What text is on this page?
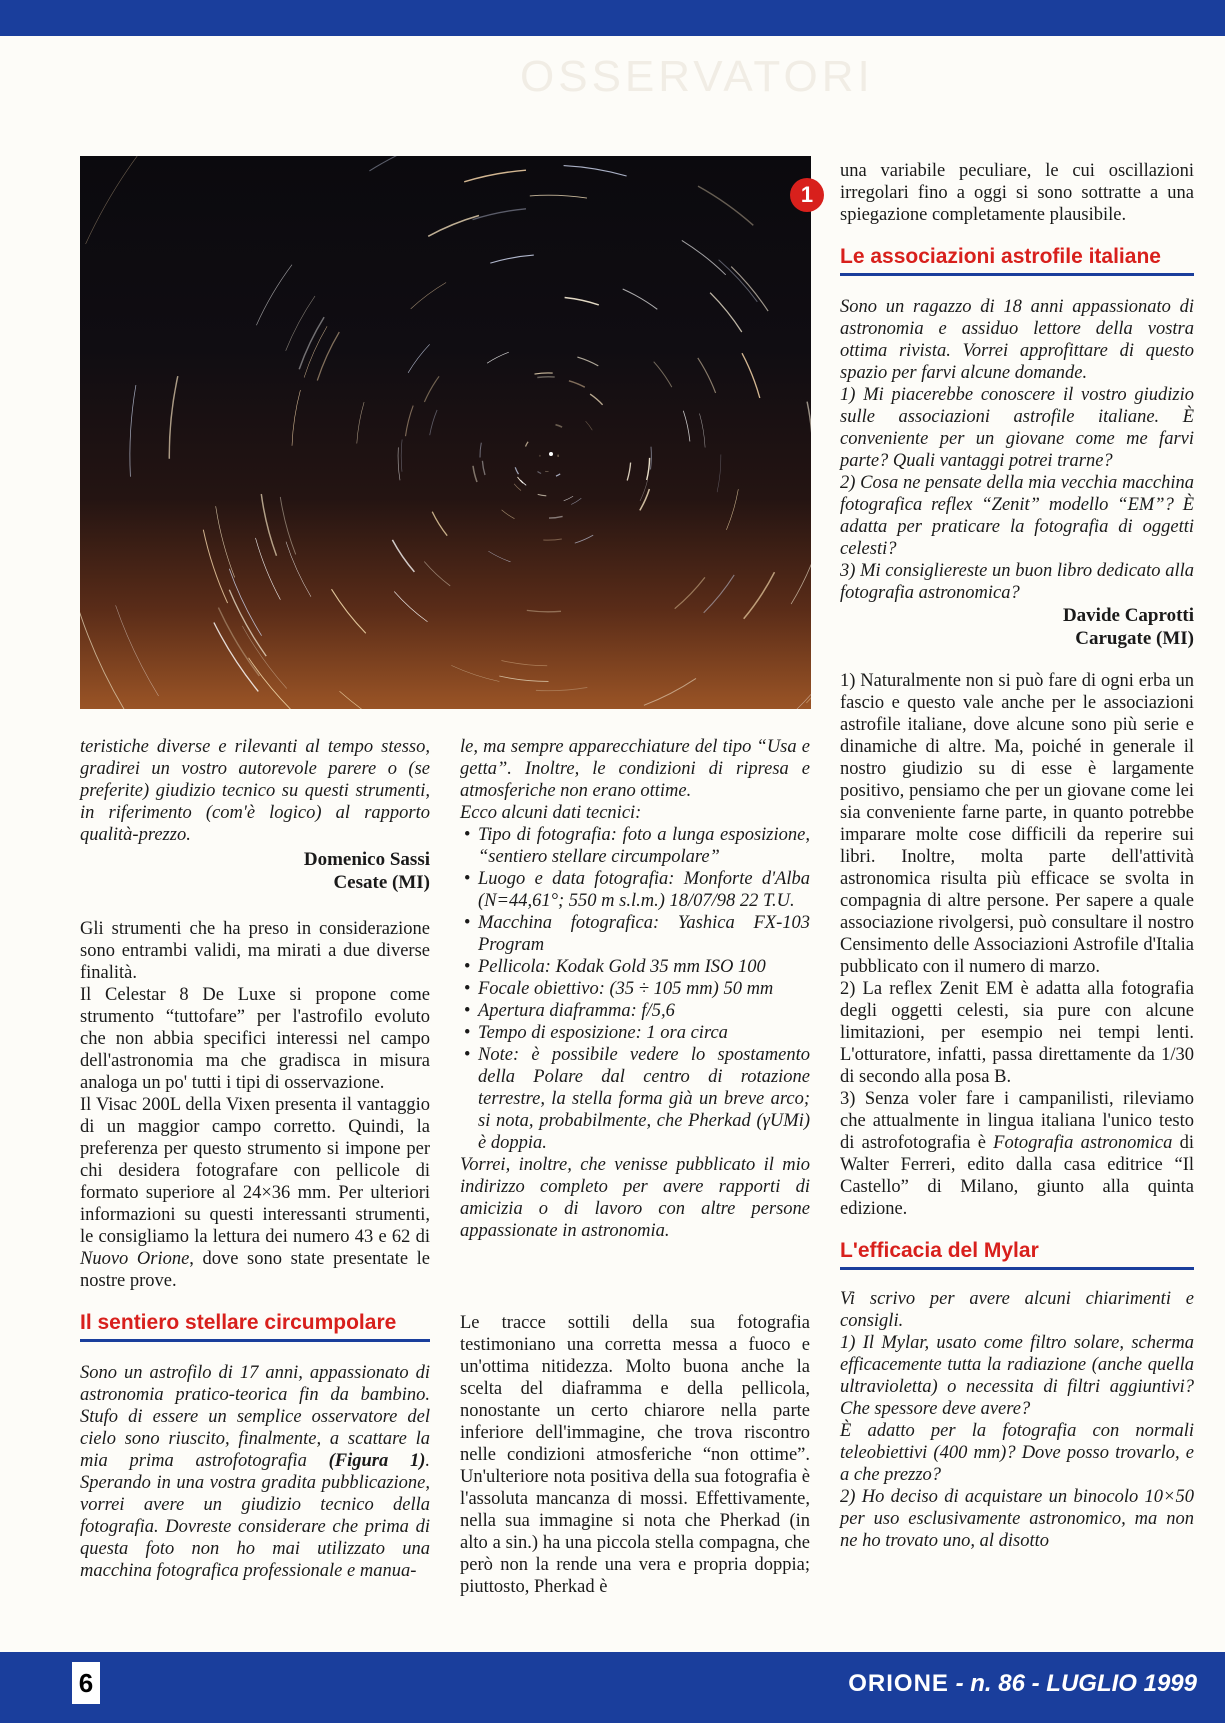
OSSERVATORI
1

teristiche diverse e rilevanti al tempo stesso, gradirei un vostro autorevole parere o (se preferite) giudizio tecnico su questi strumenti, in riferimento (com'è logico) al rapporto qualità-prezzo.

Domenico Sassi

Cesate (MI)

Gli strumenti che ha preso in considerazione sono entrambi validi, ma mirati a due diverse finalità.

Il Celestar 8 De Luxe si propone come strumento “tuttofare” per l'astrofilo evoluto che non abbia specifici interessi nel campo dell'astronomia ma che gradisca in misura analoga un po' tutti i tipi di osservazione.

Il Visac 200L della Vixen presenta il vantaggio di un maggior campo corretto. Quindi, la preferenza per questo strumento si impone per chi desidera fotografare con pellicole di formato superiore al 24×36 mm. Per ulteriori informazioni su questi interessanti strumenti, le consigliamo la lettura dei numero 43 e 62 di Nuovo Orione, dove sono state presentate le nostre prove.

Il sentiero stellare circumpolare

Sono un astrofilo di 17 anni, appassionato di astronomia pratico-teorica fin da bambino. Stufo di essere un semplice osservatore del cielo sono riuscito, finalmente, a scattare la mia prima astrofotografia (Figura 1). Sperando in una vostra gradita pubblicazione, vorrei avere un giudizio tecnico della fotografia. Dovreste considerare che prima di questa foto non ho mai utilizzato una macchina fotografica professionale e manua-

le, ma sempre apparecchiature del tipo “Usa e getta”. Inoltre, le condizioni di ripresa e atmosferiche non erano ottime.

Ecco alcuni dati tecnici:

• Tipo di fotografia: foto a lunga esposizione, “sentiero stellare circumpolare”
• Luogo e data fotografia: Monforte d'Alba (N=44,61°; 550 m s.l.m.) 18/07/98 22 T.U.
• Macchina fotografica: Yashica FX-103 Program
• Pellicola: Kodak Gold 35 mm ISO 100
• Focale obiettivo: (35 ÷ 105 mm) 50 mm
• Apertura diaframma: f/5,6
• Tempo di esposizione: 1 ora circa
• Note: è possibile vedere lo spostamento della Polare dal centro di rotazione terrestre, la stella forma già un breve arco; si nota, probabilmente, che Pherkad (γUMi) è doppia.

Vorrei, inoltre, che venisse pubblicato il mio indirizzo completo per avere rapporti di amicizia o di lavoro con altre persone appassionate in astronomia.

Le tracce sottili della sua fotografia testimoniano una corretta messa a fuoco e un'ottima nitidezza. Molto buona anche la scelta del diaframma e della pellicola, nonostante un certo chiarore nella parte inferiore dell'immagine, che trova riscontro nelle condizioni atmosferiche “non ottime”. Un'ulteriore nota positiva della sua fotografia è l'assoluta mancanza di mossi. Effettivamente, nella sua immagine si nota che Pherkad (in alto a sin.) ha una piccola stella compagna, che però non la rende una vera e propria doppia; piuttosto, Pherkad è

una variabile peculiare, le cui oscillazioni irregolari fino a oggi si sono sottratte a una spiegazione completamente plausibile.

Le associazioni astrofile italiane

Sono un ragazzo di 18 anni appassionato di astronomia e assiduo lettore della vostra ottima rivista. Vorrei approfittare di questo spazio per farvi alcune domande.

1) Mi piacerebbe conoscere il vostro giudizio sulle associazioni astrofile italiane. È conveniente per un giovane come me farvi parte? Quali vantaggi potrei trarne?

2) Cosa ne pensate della mia vecchia macchina fotografica reflex “Zenit” modello “EM”? È adatta per praticare la fotografia di oggetti celesti?

3) Mi consigliereste un buon libro dedicato alla fotografia astronomica?

Davide Caprotti

Carugate (MI)

1) Naturalmente non si può fare di ogni erba un fascio e questo vale anche per le associazioni astrofile italiane, dove alcune sono più serie e dinamiche di altre. Ma, poiché in generale il nostro giudizio su di esse è largamente positivo, pensiamo che per un giovane come lei sia conveniente farne parte, in quanto potrebbe imparare molte cose difficili da reperire sui libri. Inoltre, molta parte dell'attività astronomica risulta più efficace se svolta in compagnia di altre persone. Per sapere a quale associazione rivolgersi, può consultare il nostro Censimento delle Associazioni Astrofile d'Italia pubblicato con il numero di marzo.

2) La reflex Zenit EM è adatta alla fotografia degli oggetti celesti, sia pure con alcune limitazioni, per esempio nei tempi lenti. L'otturatore, infatti, passa direttamente da 1/30 di secondo alla posa B.

3) Senza voler fare i campanilisti, rileviamo che attualmente in lingua italiana l'unico testo di astrofotografia è Fotografia astronomica di Walter Ferreri, edito dalla casa editrice “Il Castello” di Milano, giunto alla quinta edizione.

L'efficacia del Mylar

Vi scrivo per avere alcuni chiarimenti e consigli.

1) Il Mylar, usato come filtro solare, scherma efficacemente tutta la radiazione (anche quella ultravioletta) o necessita di filtri aggiuntivi? Che spessore deve avere?

È adatto per la fotografia con normali teleobiettivi (400 mm)? Dove posso trovarlo, e a che prezzo?

2) Ho deciso di acquistare un binocolo 10×50 per uso esclusivamente astronomico, ma non ne ho trovato uno, al disotto

6	ORIONE - n. 86 - LUGLIO 1999
